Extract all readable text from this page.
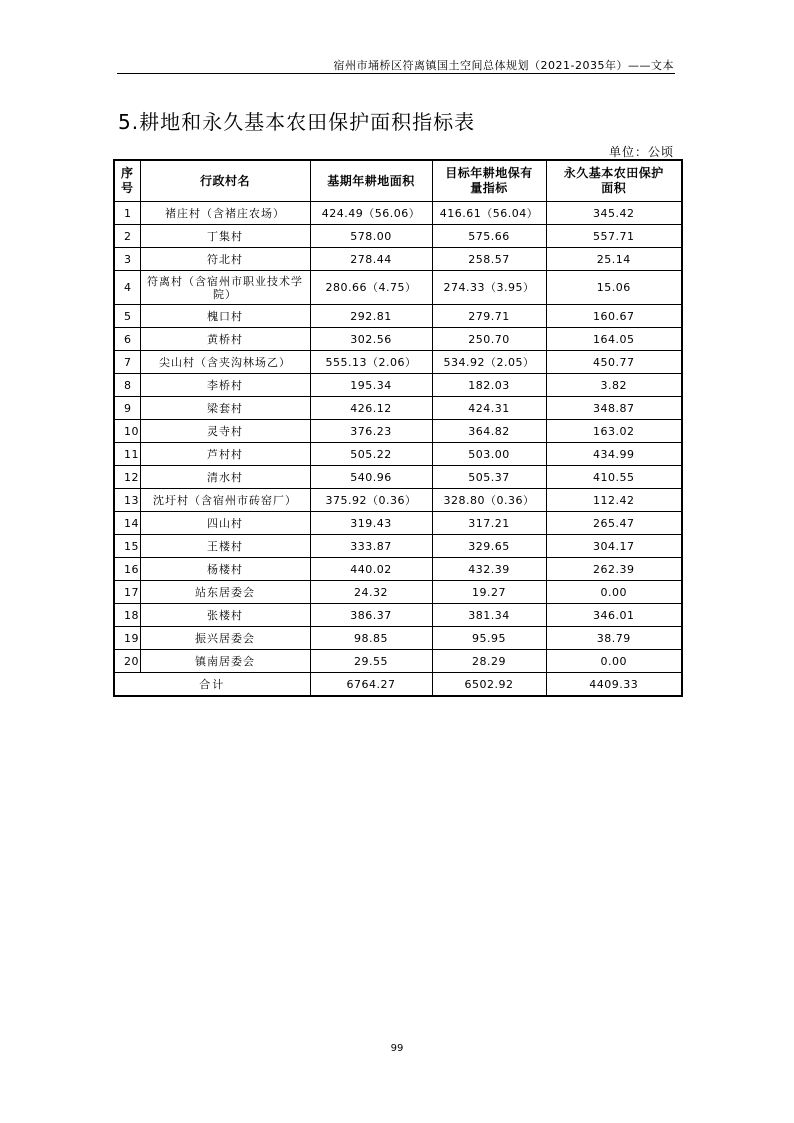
宿州市埇桥区符离镇国土空间总体规划（2021-2035年）——文本
5.耕地和永久基本农田保护面积指标表
单位：公顷
序号	行政村名	基期年耕地面积	目标年耕地保有量指标	永久基本农田保护面积
1	褚庄村（含褚庄农场）	424.49（56.06）	416.61（56.04）	345.42
2	丁集村	578.00	575.66	557.71
3	符北村	278.44	258.57	25.14
4	符离村（含宿州市职业技术学院）	280.66（4.75）	274.33（3.95）	15.06
5	槐口村	292.81	279.71	160.67
6	黄桥村	302.56	250.70	164.05
7	尖山村（含夹沟林场乙）	555.13（2.06）	534.92（2.05）	450.77
8	李桥村	195.34	182.03	3.82
9	梁套村	426.12	424.31	348.87
10	灵寺村	376.23	364.82	163.02
11	芦村村	505.22	503.00	434.99
12	清水村	540.96	505.37	410.55
13	沈圩村（含宿州市砖窑厂）	375.92（0.36）	328.80（0.36）	112.42
14	四山村	319.43	317.21	265.47
15	王楼村	333.87	329.65	304.17
16	杨楼村	440.02	432.39	262.39
17	站东居委会	24.32	19.27	0.00
18	张楼村	386.37	381.34	346.01
19	振兴居委会	98.85	95.95	38.79
20	镇南居委会	29.55	28.29	0.00
合计		6764.27	6502.92	4409.33
99
